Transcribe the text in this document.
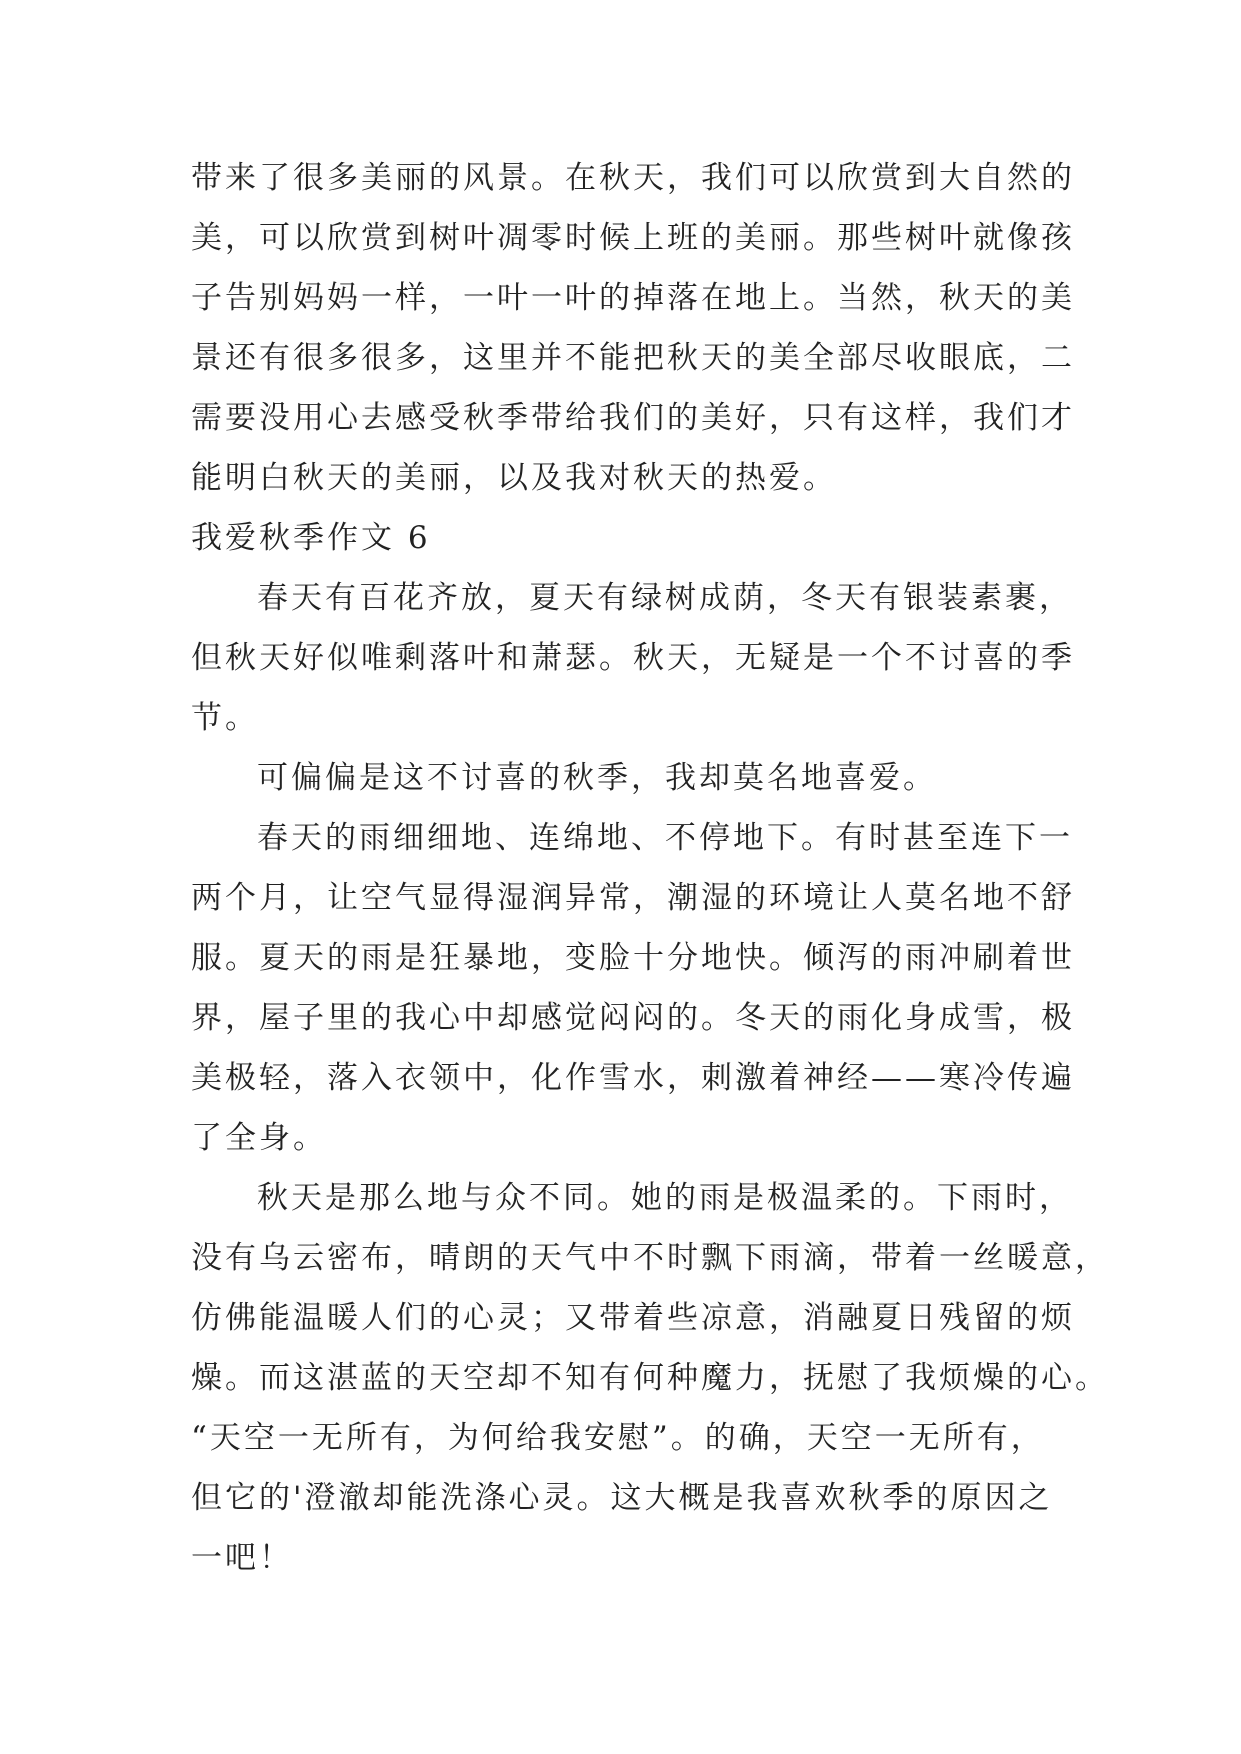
带来了很多美丽的风景。在秋天，我们可以欣赏到大自然的
美，可以欣赏到树叶凋零时候上班的美丽。那些树叶就像孩
子告别妈妈一样，一叶一叶的掉落在地上。当然，秋天的美
景还有很多很多，这里并不能把秋天的美全部尽收眼底，二
需要没用心去感受秋季带给我们的美好，只有这样，我们才
能明白秋天的美丽，以及我对秋天的热爱。
我爱秋季作文 6
春天有百花齐放，夏天有绿树成荫，冬天有银装素裹，
但秋天好似唯剩落叶和萧瑟。秋天，无疑是一个不讨喜的季
节。
可偏偏是这不讨喜的秋季，我却莫名地喜爱。
春天的雨细细地、连绵地、不停地下。有时甚至连下一
两个月，让空气显得湿润异常，潮湿的环境让人莫名地不舒
服。夏天的雨是狂暴地，变脸十分地快。倾泻的雨冲刷着世
界，屋子里的我心中却感觉闷闷的。冬天的雨化身成雪，极
美极轻，落入衣领中，化作雪水，刺激着神经——寒冷传遍
了全身。
秋天是那么地与众不同。她的雨是极温柔的。下雨时，
没有乌云密布，晴朗的天气中不时飘下雨滴，带着一丝暖意，
仿佛能温暖人们的心灵；又带着些凉意，消融夏日残留的烦
燥。而这湛蓝的天空却不知有何种魔力，抚慰了我烦燥的心。
“天空一无所有，为何给我安慰”。的确，天空一无所有，
但它的'澄澈却能洗涤心灵。这大概是我喜欢秋季的原因之
一吧！
